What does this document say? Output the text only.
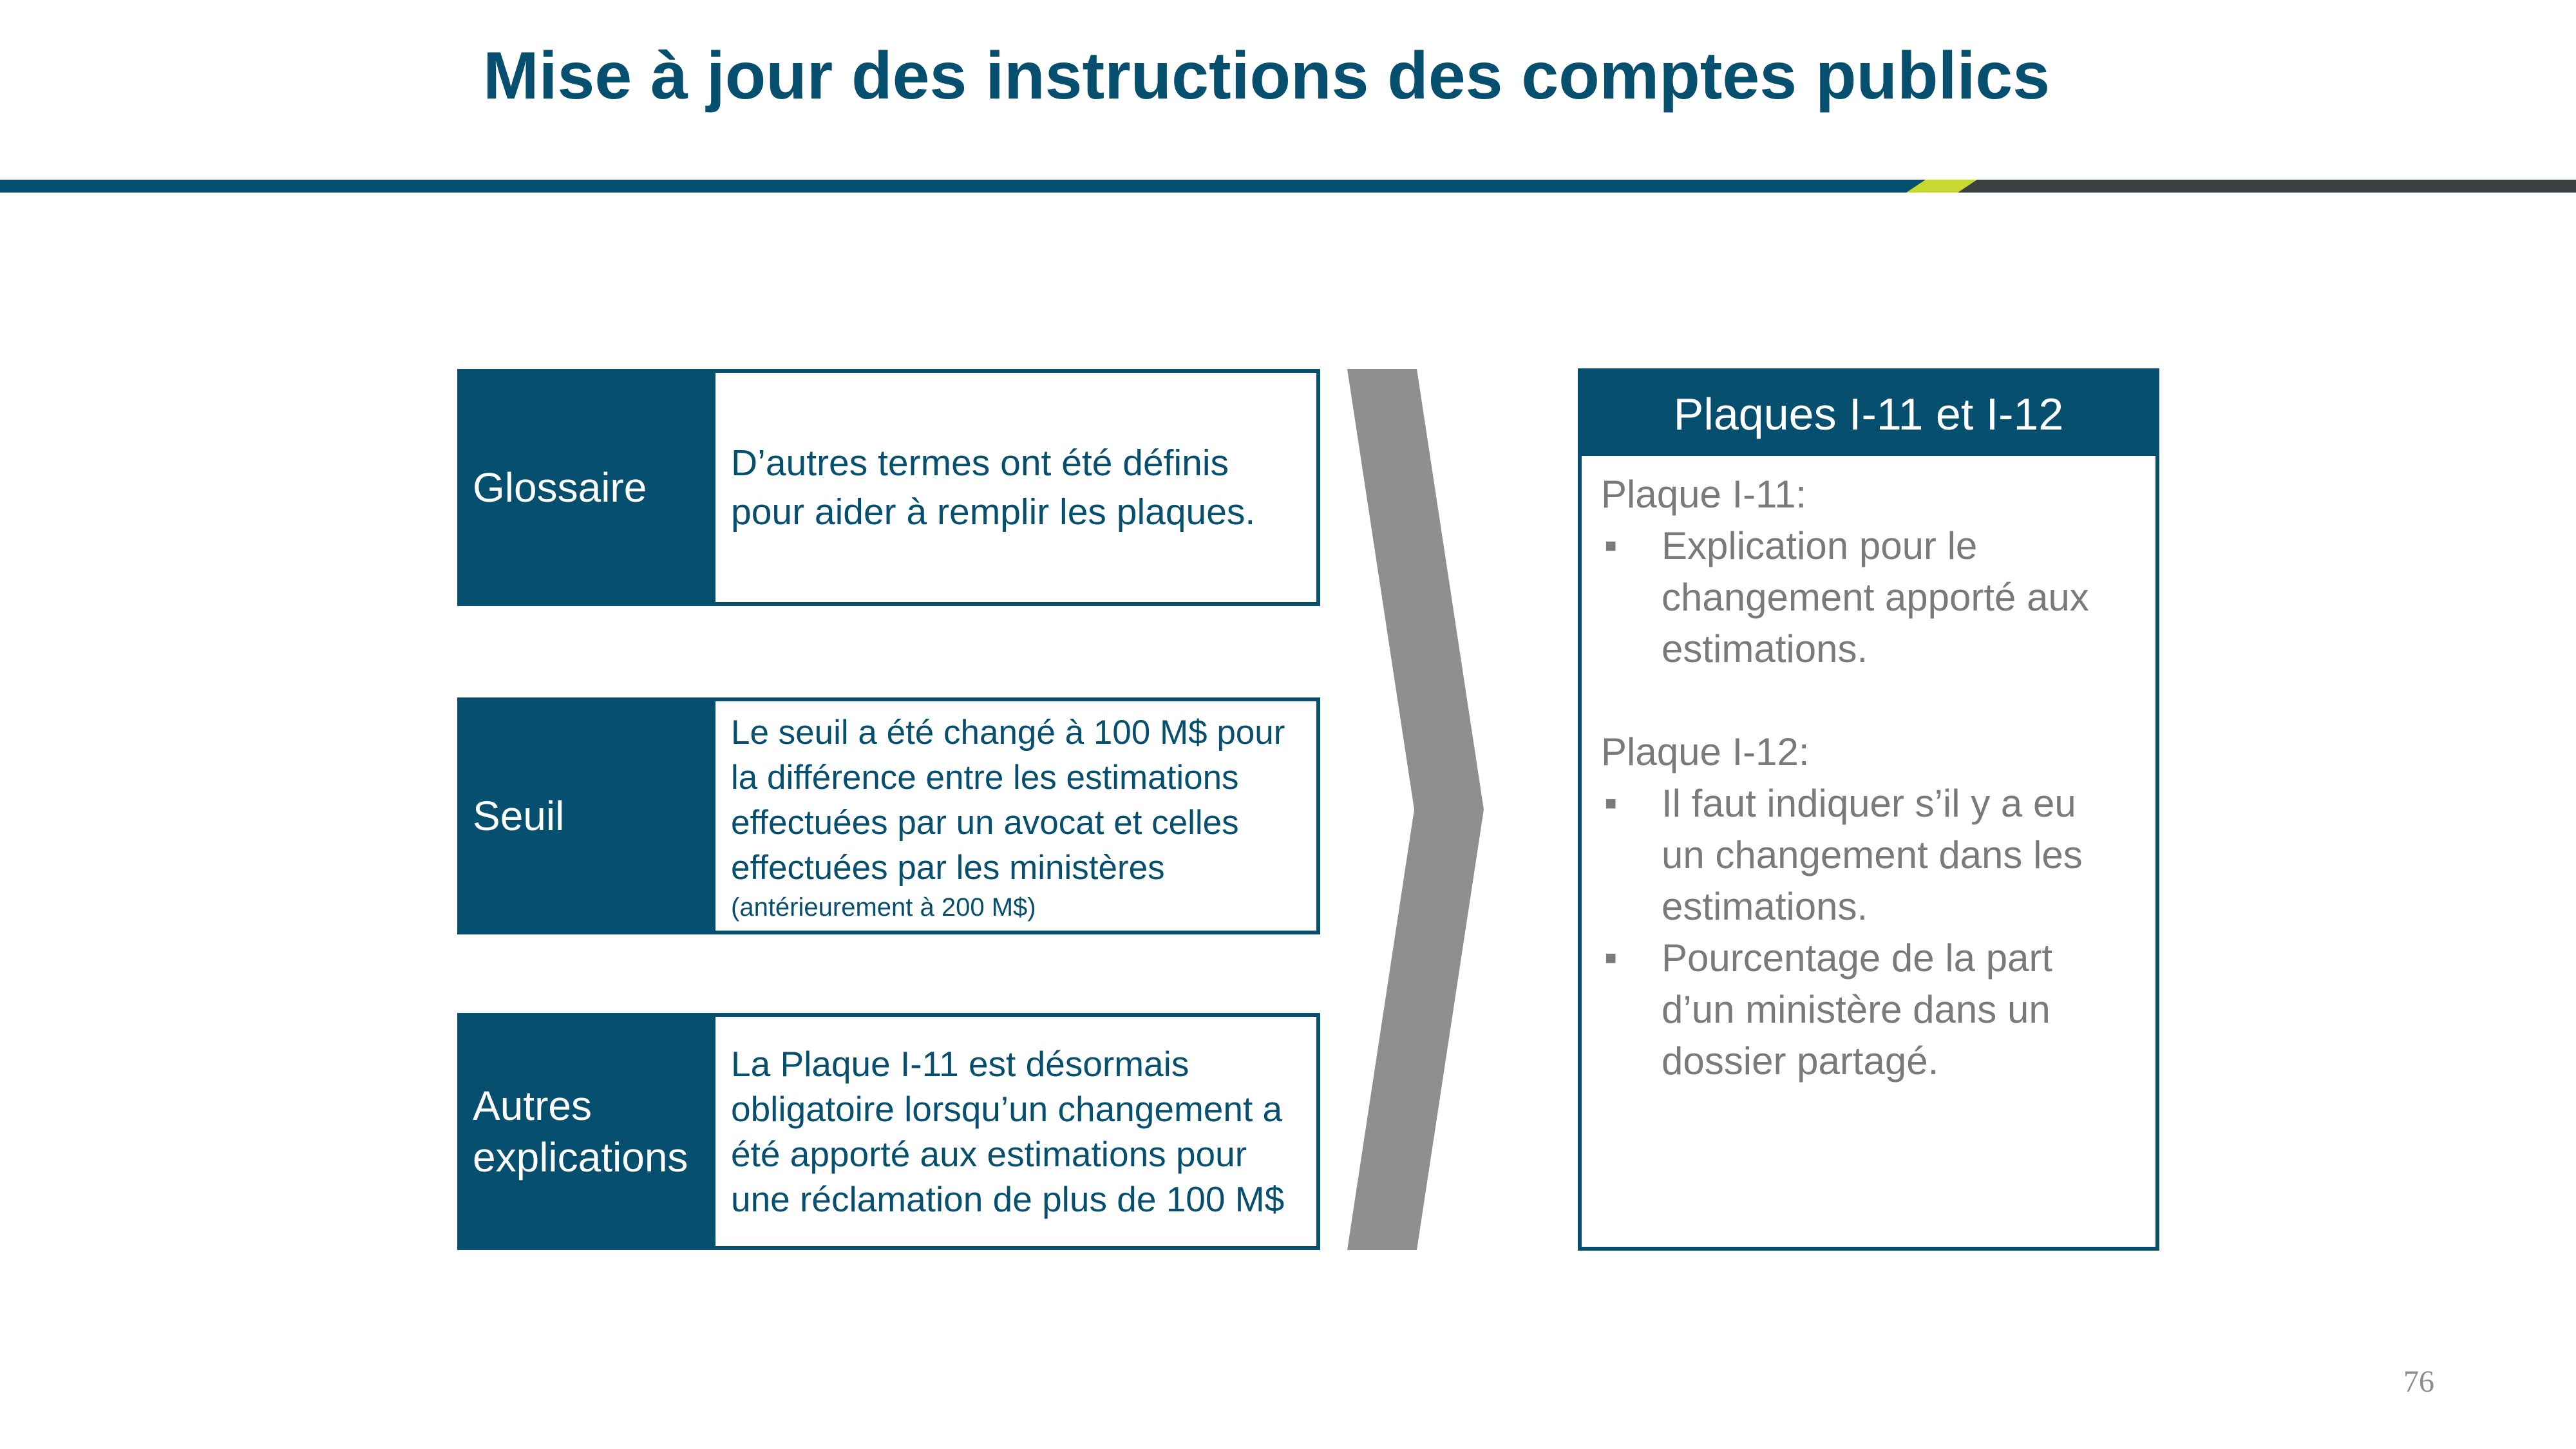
Mise à jour des instructions des comptes publics
Glossaire
D’autres termes ont été définis
pour aider à remplir les plaques.
Seuil
Le seuil a été changé à 100 M$ pour
la différence entre les estimations
effectuées par un avocat et celles
effectuées par les ministères
(antérieurement à 200 M$)
Autres
explications
La Plaque I-11 est désormais
obligatoire lorsqu’un changement a
été apporté aux estimations pour
une réclamation de plus de 100 M$
Plaques I-11 et I-12
Plaque I-11:
■	Explication pour le
changement apporté aux
estimations.
Plaque I-12:
■	Il faut indiquer s’il y a eu
un changement dans les
estimations.
■	Pourcentage de la part
d’un ministère dans un
dossier partagé.
76
